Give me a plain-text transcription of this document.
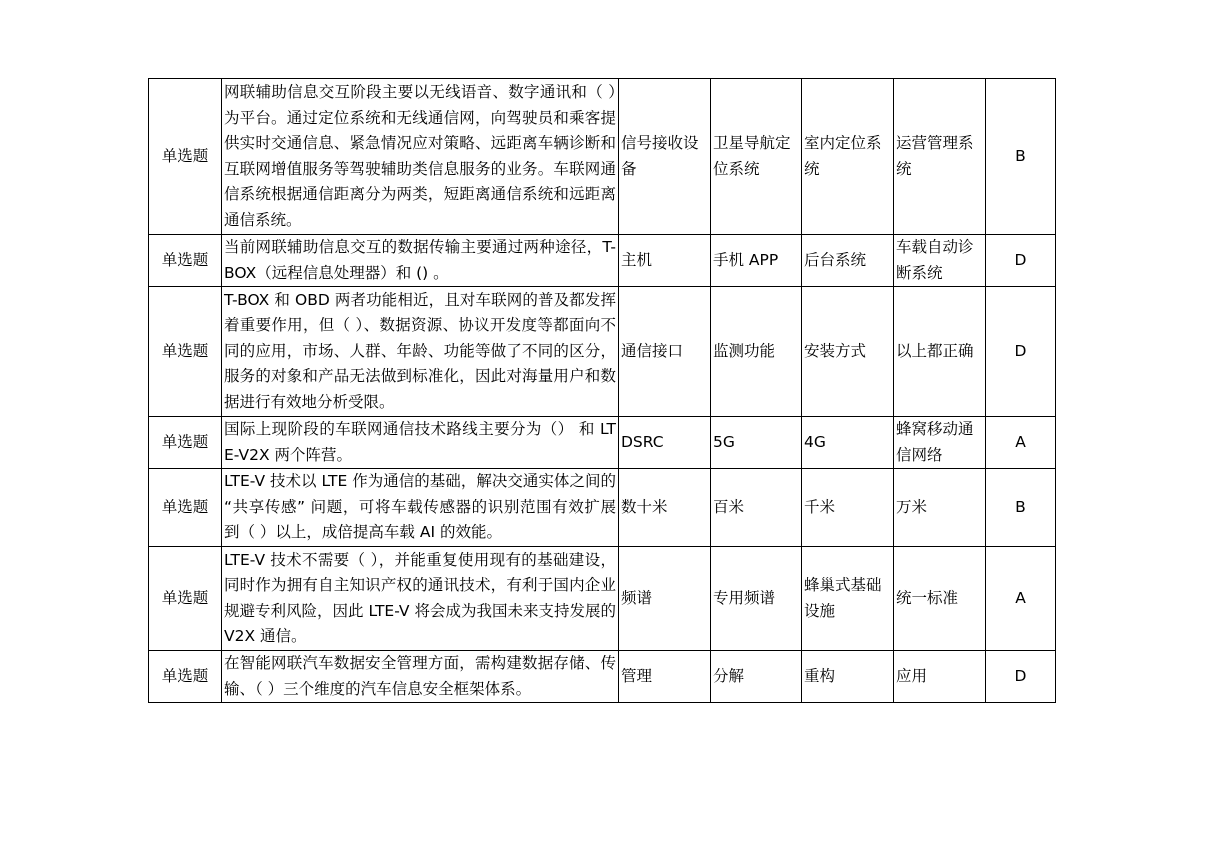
单选题	网联辅助信息交互阶段主要以无线语音、数字通讯和（ ）为平台。通过定位系统和无线通信网，向驾驶员和乘客提供实时交通信息、紧急情况应对策略、远距离车辆诊断和互联网增值服务等驾驶辅助类信息服务的业务。车联网通信系统根据通信距离分为两类，短距离通信系统和远距离通信系统。	信号接收设备	卫星导航定位系统	室内定位系统	运营管理系统	B
单选题	当前网联辅助信息交互的数据传输主要通过两种途径，T-BOX（远程信息处理器）和 () 。	主机	手机 APP	后台系统	车载自动诊断系统	D
单选题	T-BOX 和 OBD 两者功能相近，且对车联网的普及都发挥着重要作用，但（ ）、数据资源、协议开发度等都面向不同的应用，市场、人群、年龄、功能等做了不同的区分，服务的对象和产品无法做到标准化，因此对海量用户和数据进行有效地分析受限。	通信接口	监测功能	安装方式	以上都正确	D
单选题	国际上现阶段的车联网通信技术路线主要分为（） 和 LTE-V2X 两个阵营。	DSRC	5G	4G	蜂窝移动通信网络	A
单选题	LTE-V 技术以 LTE 作为通信的基础，解决交通实体之间的 “共享传感” 问题，可将车载传感器的识别范围有效扩展到（ ）以上，成倍提高车载 AI 的效能。	数十米	百米	千米	万米	B
单选题	LTE-V 技术不需要（ ），并能重复使用现有的基础建设，同时作为拥有自主知识产权的通讯技术，有利于国内企业规避专利风险，因此 LTE-V 将会成为我国未来支持发展的 V2X 通信。	频谱	专用频谱	蜂巢式基础设施	统一标准	A
单选题	在智能网联汽车数据安全管理方面，需构建数据存储、传输、（ ）三个维度的汽车信息安全框架体系。	管理	分解	重构	应用	D
